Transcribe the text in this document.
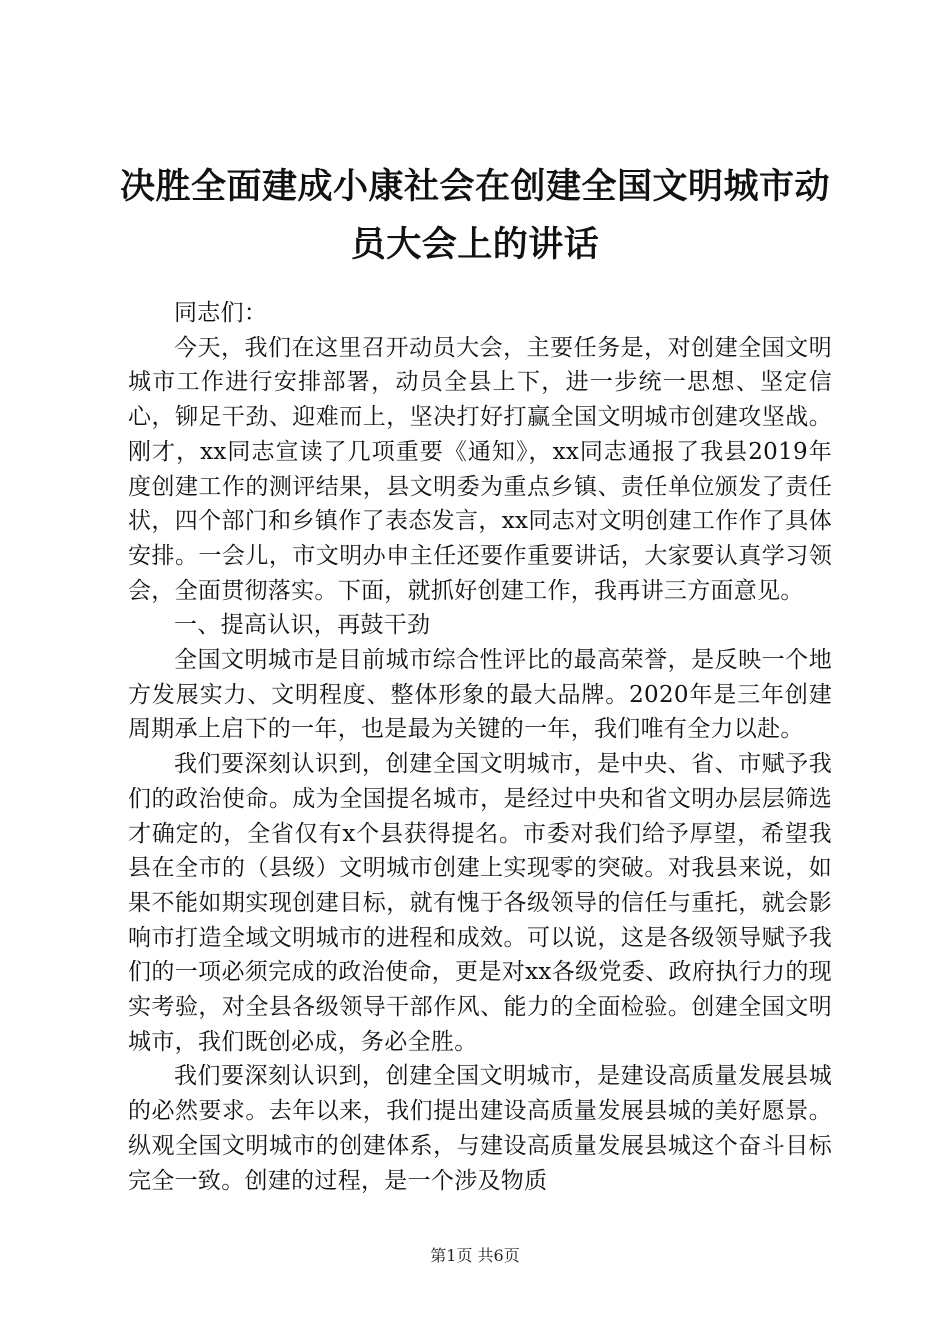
决胜全面建成小康社会在创建全国文明城市动员大会上的讲话

同志们：

今天，我们在这里召开动员大会，主要任务是，对创建全国文明城市工作进行安排部署，动员全县上下，进一步统一思想、坚定信心，铆足干劲、迎难而上，坚决打好打赢全国文明城市创建攻坚战。刚才，xx同志宣读了几项重要《通知》，xx同志通报了我县2019年度创建工作的测评结果，县文明委为重点乡镇、责任单位颁发了责任状，四个部门和乡镇作了表态发言，xx同志对文明创建工作作了具体安排。一会儿，市文明办申主任还要作重要讲话，大家要认真学习领会，全面贯彻落实。下面，就抓好创建工作，我再讲三方面意见。

一、提高认识，再鼓干劲

全国文明城市是目前城市综合性评比的最高荣誉，是反映一个地方发展实力、文明程度、整体形象的最大品牌。2020年是三年创建周期承上启下的一年，也是最为关键的一年，我们唯有全力以赴。

我们要深刻认识到，创建全国文明城市，是中央、省、市赋予我们的政治使命。成为全国提名城市，是经过中央和省文明办层层筛选才确定的，全省仅有x个县获得提名。市委对我们给予厚望，希望我县在全市的（县级）文明城市创建上实现零的突破。对我县来说，如果不能如期实现创建目标，就有愧于各级领导的信任与重托，就会影响市打造全域文明城市的进程和成效。可以说，这是各级领导赋予我们的一项必须完成的政治使命，更是对xx各级党委、政府执行力的现实考验，对全县各级领导干部作风、能力的全面检验。创建全国文明城市，我们既创必成，务必全胜。

我们要深刻认识到，创建全国文明城市，是建设高质量发展县城的必然要求。去年以来，我们提出建设高质量发展县城的美好愿景。纵观全国文明城市的创建体系，与建设高质量发展县城这个奋斗目标完全一致。创建的过程，是一个涉及物质

第1页 共6页
